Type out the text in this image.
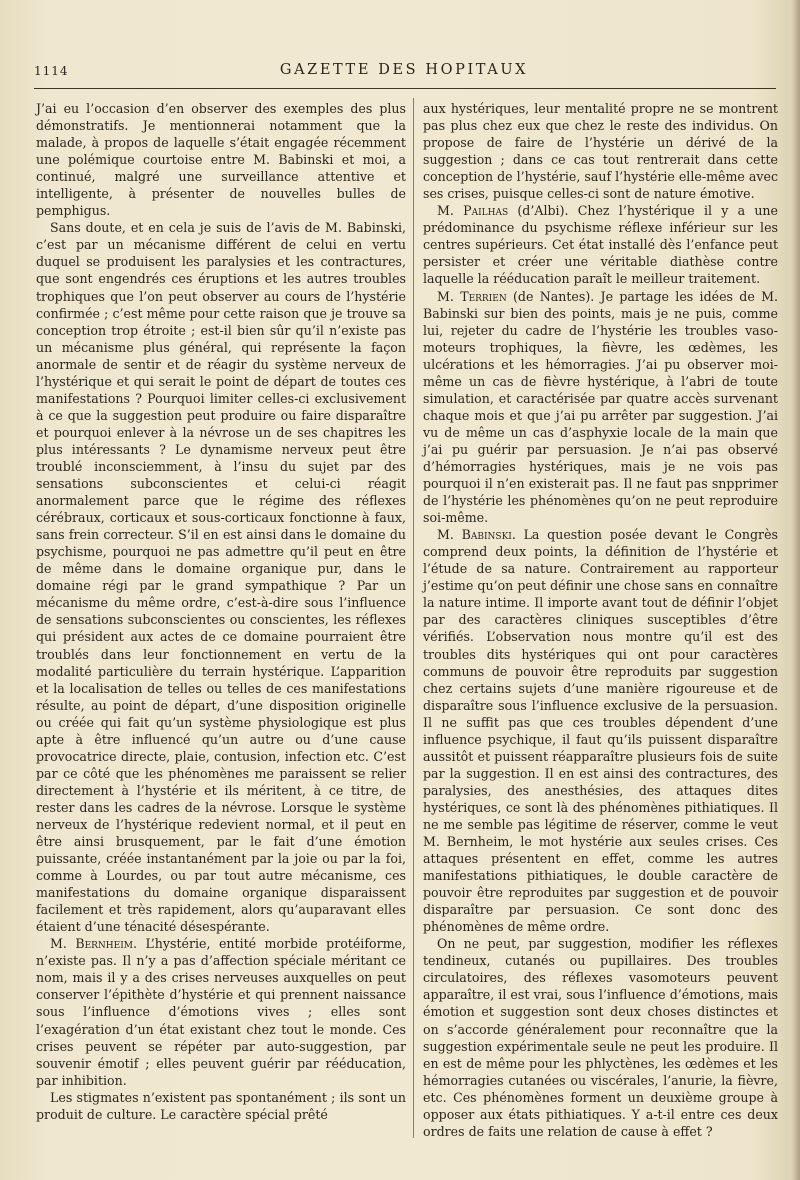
1114	GAZETTE DES HOPITAUX

J’ai eu l’occasion d’en observer des exemples des plus démonstratifs. Je mentionnerai notamment que la malade, à propos de laquelle s’était engagée récemment une polémique courtoise entre M. Babinski et moi, a continué, malgré une surveillance attentive et intelligente, à présenter de nouvelles bulles de pemphigus.

Sans doute, et en cela je suis de l’avis de M. Babinski, c’est par un mécanisme différent de celui en vertu duquel se produisent les paralysies et les contractures, que sont engendrés ces éruptions et les autres troubles trophiques que l’on peut observer au cours de l’hystérie confirmée ; c’est même pour cette raison que je trouve sa conception trop étroite ; est-il bien sûr qu’il n’existe pas un mécanisme plus général, qui représente la façon anormale de sentir et de réagir du système nerveux de l’hystérique et qui serait le point de départ de toutes ces manifestations ? Pourquoi limiter celles-ci exclusivement à ce que la suggestion peut produire ou faire disparaître et pourquoi enlever à la névrose un de ses chapitres les plus intéressants ? Le dynamisme nerveux peut être troublé inconsciemment, à l’insu du sujet par des sensations subconscientes et celui-ci réagit anormalement parce que le régime des réflexes cérébraux, corticaux et sous-corticaux fonctionne à faux, sans frein correcteur. S’il en est ainsi dans le domaine du psychisme, pourquoi ne pas admettre qu’il peut en être de même dans le domaine organique pur, dans le domaine régi par le grand sympathique ? Par un mécanisme du même ordre, c’est-à-dire sous l’influence de sensations subconscientes ou conscientes, les réflexes qui président aux actes de ce domaine pourraient être troublés dans leur fonctionnement en vertu de la modalité particulière du terrain hystérique. L’apparition et la localisation de telles ou telles de ces manifestations résulte, au point de départ, d’une disposition originelle ou créée qui fait qu’un système physiologique est plus apte à être influencé qu’un autre ou d’une cause provocatrice directe, plaie, contusion, infection etc. C’est par ce côté que les phénomènes me paraissent se relier directement à l’hystérie et ils méritent, à ce titre, de rester dans les cadres de la névrose. Lorsque le système nerveux de l’hystérique redevient normal, et il peut en être ainsi brusquement, par le fait d’une émotion puissante, créée instantanément par la joie ou par la foi, comme à Lourdes, ou par tout autre mécanisme, ces manifestations du domaine organique disparaissent facilement et très rapidement, alors qu’auparavant elles étaient d’une ténacité désespérante.

M. Bernheim. L’hystérie, entité morbide protéiforme, n’existe pas. Il n’y a pas d’affection spéciale méritant ce nom, mais il y a des crises nerveuses auxquelles on peut conserver l’épithète d’hystérie et qui prennent naissance sous l’influence d’émotions vives ; elles sont l’exagération d’un état existant chez tout le monde. Ces crises peuvent se répéter par auto-suggestion, par souvenir émotif ; elles peuvent guérir par rééducation, par inhibition.

Les stigmates n’existent pas spontanément ; ils sont un produit de culture. Le caractère spécial prêté

aux hystériques, leur mentalité propre ne se montrent pas plus chez eux que chez le reste des individus. On propose de faire de l’hystérie un dérivé de la suggestion ; dans ce cas tout rentrerait dans cette conception de l’hystérie, sauf l’hystérie elle-même avec ses crises, puisque celles-ci sont de nature émotive.

M. Pailhas (d’Albi). Chez l’hystérique il y a une prédominance du psychisme réflexe inférieur sur les centres supérieurs. Cet état installé dès l’enfance peut persister et créer une véritable diathèse contre laquelle la rééducation paraît le meilleur traitement.

M. Terrien (de Nantes). Je partage les idées de M. Babinski sur bien des points, mais je ne puis, comme lui, rejeter du cadre de l’hystérie les troubles vaso-moteurs trophiques, la fièvre, les œdèmes, les ulcérations et les hémorragies. J’ai pu observer moi-même un cas de fièvre hystérique, à l’abri de toute simulation, et caractérisée par quatre accès survenant chaque mois et que j’ai pu arrêter par suggestion. J’ai vu de même un cas d’asphyxie locale de la main que j’ai pu guérir par persuasion. Je n’ai pas observé d’hémorragies hystériques, mais je ne vois pas pourquoi il n’en existerait pas. Il ne faut pas snpprimer de l’hystérie les phénomènes qu’on ne peut reproduire soi-même.

M. Babinski. La question posée devant le Congrès comprend deux points, la définition de l’hystérie et l’étude de sa nature. Contrairement au rapporteur j’estime qu’on peut définir une chose sans en connaître la nature intime. Il importe avant tout de définir l’objet par des caractères cliniques susceptibles d’être vérifiés. L’observation nous montre qu’il est des troubles dits hystériques qui ont pour caractères communs de pouvoir être reproduits par suggestion chez certains sujets d’une manière rigoureuse et de disparaître sous l’influence exclusive de la persuasion. Il ne suffit pas que ces troubles dépendent d’une influence psychique, il faut qu’ils puissent disparaître aussitôt et puissent réapparaître plusieurs fois de suite par la suggestion. Il en est ainsi des contractures, des paralysies, des anesthésies, des attaques dites hystériques, ce sont là des phénomènes pithiatiques. Il ne me semble pas légitime de réserver, comme le veut M. Bernheim, le mot hystérie aux seules crises. Ces attaques présentent en effet, comme les autres manifestations pithiatiques, le double caractère de pouvoir être reproduites par suggestion et de pouvoir disparaître par persuasion. Ce sont donc des phénomènes de même ordre.

On ne peut, par suggestion, modifier les réflexes tendineux, cutanés ou pupillaires. Des troubles circulatoires, des réflexes vasomoteurs peuvent apparaître, il est vrai, sous l’influence d’émotions, mais émotion et suggestion sont deux choses distinctes et on s’accorde généralement pour reconnaître que la suggestion expérimentale seule ne peut les produire. Il en est de même pour les phlyctènes, les œdèmes et les hémorragies cutanées ou viscérales, l’anurie, la fièvre, etc. Ces phénomènes forment un deuxième groupe à opposer aux états pithiatiques. Y a-t-il entre ces deux ordres de faits une relation de cause à effet ?
